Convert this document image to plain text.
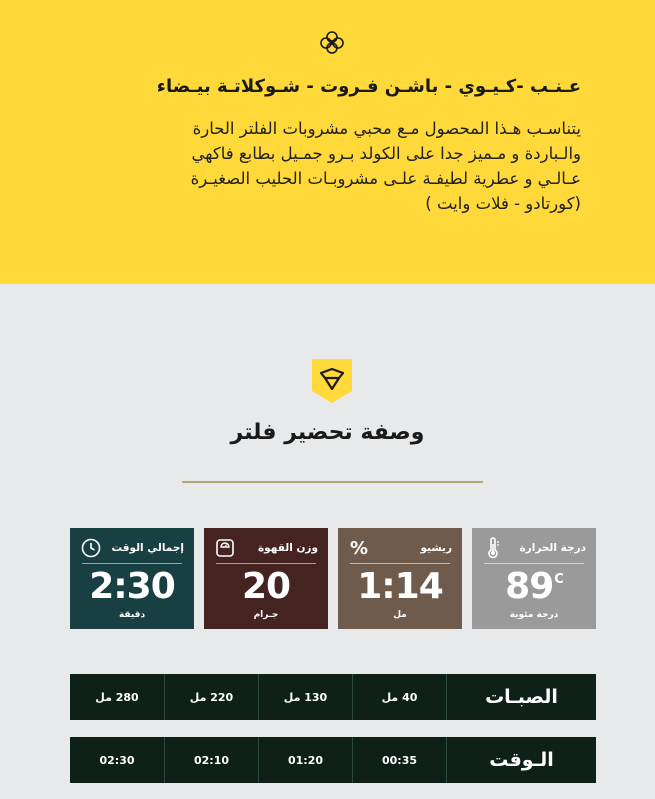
عـنـب -كـيـوي - باشـن فـروت - شـوكلاتـة بيـضاء
يتناسـب هـذا المحصول مـع محبي مشروبات الفلتر الحارة
والـباردة و مـميز جدا على الكولد بـرو جمـيل بطابع فاكهي
عـالـي و عطرية لطيفـة علـى مشروبـات الحليب الصغيـرة
(كورتادو - فلات وايت )
وصفة تحضير فلتر
درجة الحرارة
$89^C$
درجة مئوية
ريشيو
%
1:14
مل
وزن القهوة
20
جـرام
إجمالي الوقت
2:30
دقيقة
الصبـات
40 مل
130 مل
220 مل
280 مل
الـوقت
00:35
01:20
02:10
02:30
